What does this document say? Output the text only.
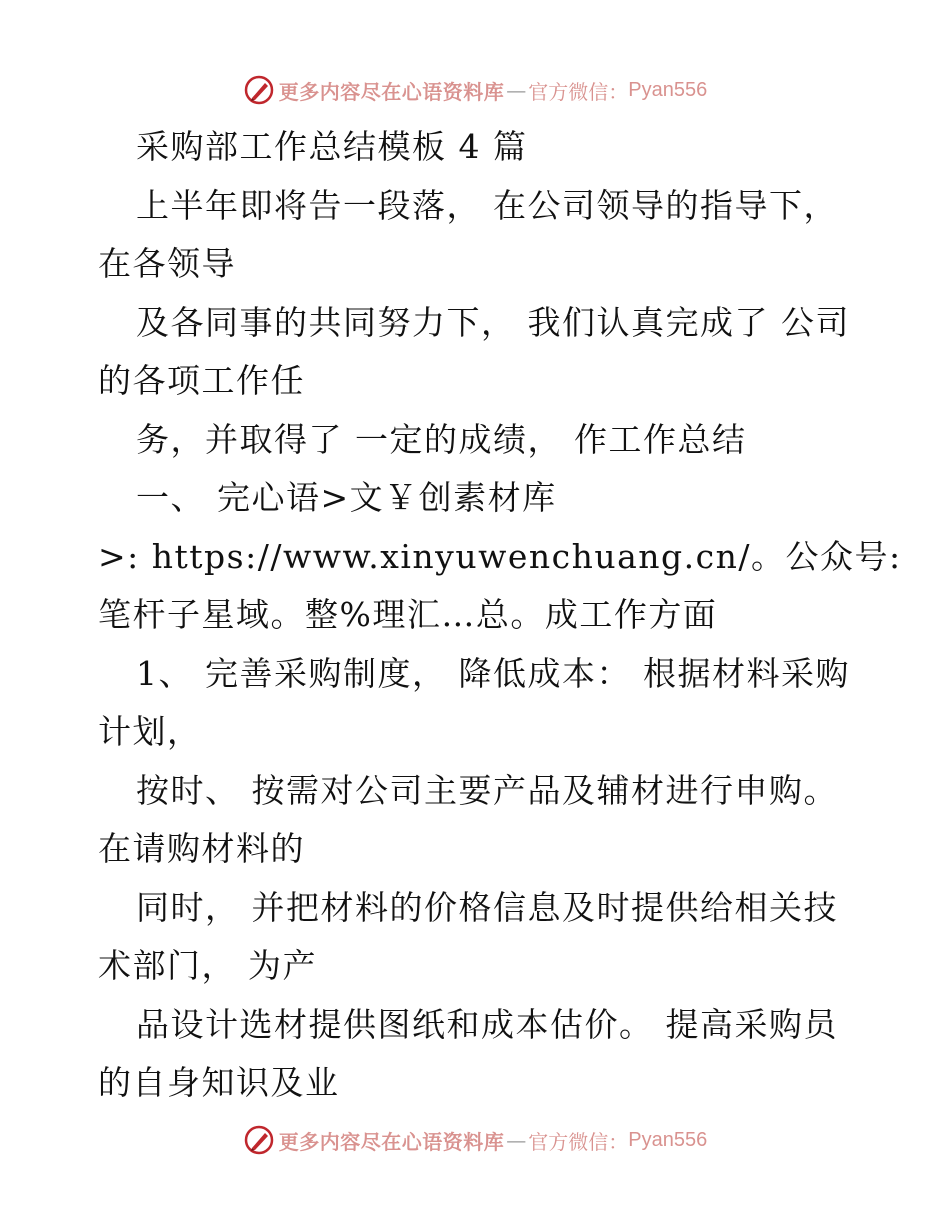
更多内容尽在心语资料库 — 官方微信： Pyan556
采购部工作总结模板 4 篇
上半年即将告一段落， 在公司领导的指导下，
在各领导
及各同事的共同努力下， 我们认真完成了 公司
的各项工作任
务，并取得了 一定的成绩， 作工作总结
一、 完心语>文￥创素材库
>: https://www.xinyuwenchuang.cn/。公众号:
笔杆子星域。整%理汇…总。成工作方面
1、 完善采购制度， 降低成本： 根据材料采购
计划，
按时、 按需对公司主要产品及辅材进行申购。
在请购材料的
同时， 并把材料的价格信息及时提供给相关技
术部门， 为产
品设计选材提供图纸和成本估价。 提高采购员
的自身知识及业
更多内容尽在心语资料库 — 官方微信： Pyan556
